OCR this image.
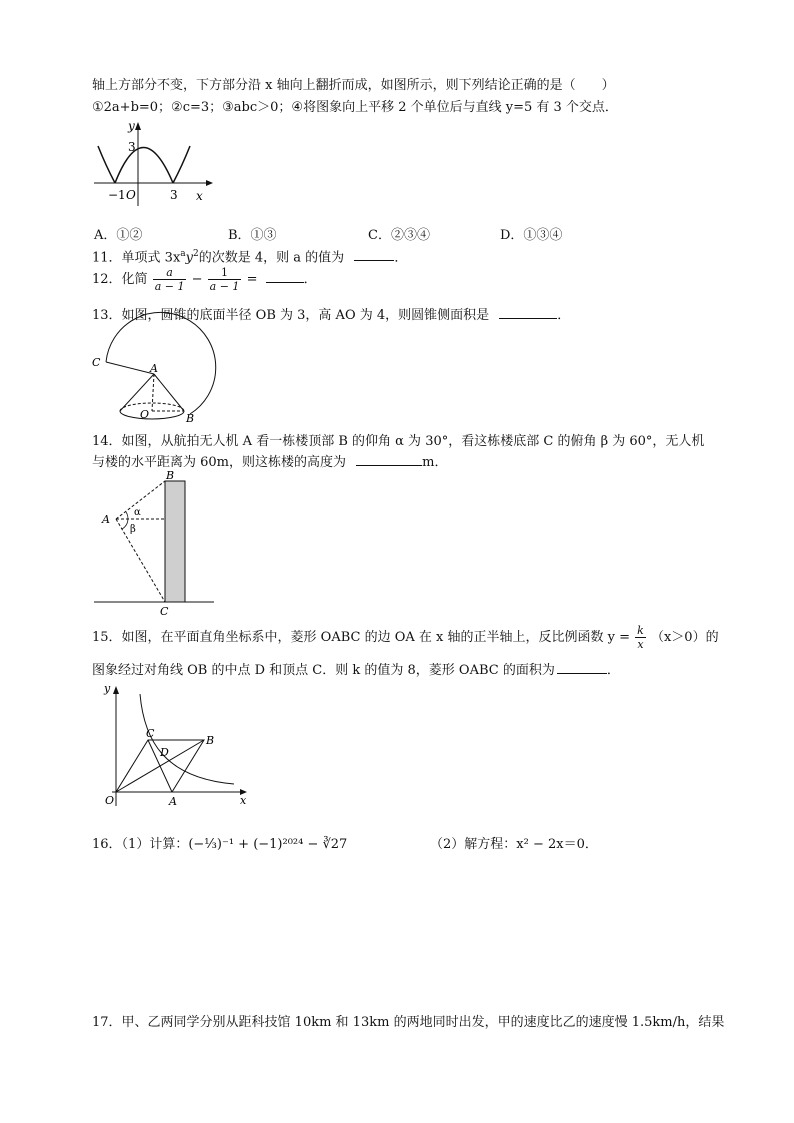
轴上方部分不变，下方部分沿 x 轴向上翻折而成，如图所示，则下列结论正确的是（　　）
①2a+b=0；②c=3；③abc＞0；④将图象向上平移 2 个单位后与直线 y=5 有 3 个交点．
y
3
−1 O	3 x
A．①②	B．①③	C．②③④	D．①③④
11．单项式 $3x^ay^2$的次数是 4，则 a 的值为	．
12．化简 $\frac{a}{a - 1} - \frac{1}{a - 1}$ =	．
13．如图，圆锥的底面半径 OB 为 3，高 AO 为 4，则圆锥侧面积是	．
C	A
O	B
14．如图，从航拍无人机 A 看一栋楼顶部 B 的仰角 α 为 30°，看这栋楼底部 C 的俯角 β 为 60°，无人机
与楼的水平距离为 60m，则这栋楼的高度为	m．
A
B
C
α
β
15．如图，在平面直角坐标系中，菱形 OABC 的边 OA 在 x 轴的正半轴上，反比例函数 $y = \frac{k}{x} (x>0)$的
图象经过对角线 OB 的中点 D 和顶点 C．则 k 的值为 8，菱形 OABC 的面积为	．
y
x
O	A
B
C
D
16．（1）计算：(−⅓)⁻¹ + (−1)²⁰²⁴ − ∛27	（2）解方程：x² − 2x＝0．
17．甲、乙两同学分别从距科技馆 10km 和 13km 的两地同时出发，甲的速度比乙的速度慢 1.5km/h，结果
